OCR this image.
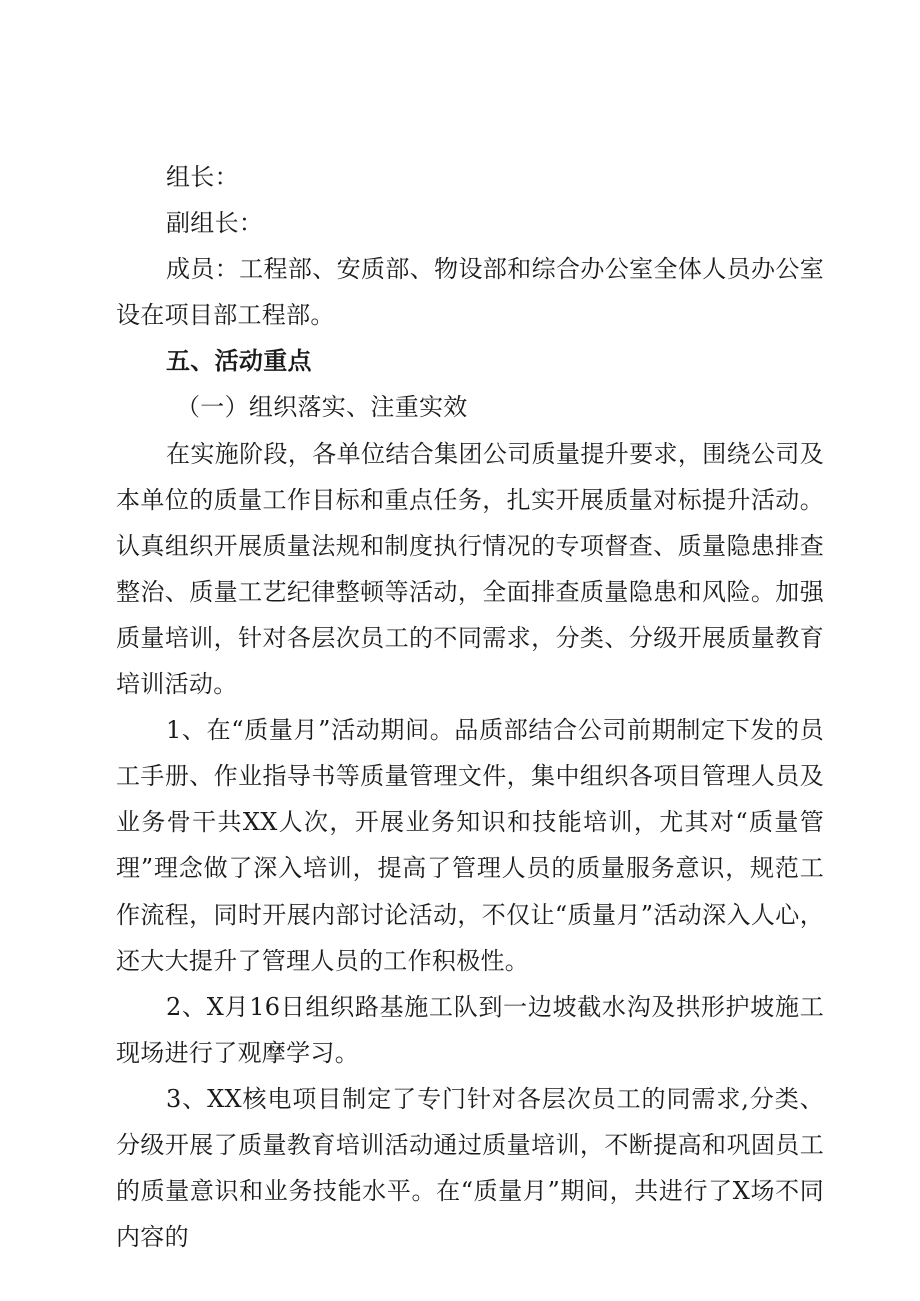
组长：

副组长：

成员：工程部、安质部、物设部和综合办公室全体人员办公室设在项目部工程部。

五、活动重点

（一）组织落实、注重实效

在实施阶段，各单位结合集团公司质量提升要求，围绕公司及本单位的质量工作目标和重点任务，扎实开展质量对标提升活动。认真组织开展质量法规和制度执行情况的专项督查、质量隐患排查整治、质量工艺纪律整顿等活动，全面排查质量隐患和风险。加强质量培训，针对各层次员工的不同需求，分类、分级开展质量教育培训活动。

1、在“质量月”活动期间。品质部结合公司前期制定下发的员工手册、作业指导书等质量管理文件，集中组织各项目管理人员及业务骨干共XX人次，开展业务知识和技能培训，尤其对“质量管理”理念做了深入培训，提高了管理人员的质量服务意识，规范工作流程，同时开展内部讨论活动，不仅让“质量月”活动深入人心，还大大提升了管理人员的工作积极性。

2、X月16日组织路基施工队到一边坡截水沟及拱形护坡施工现场进行了观摩学习。

3、XX核电项目制定了专门针对各层次员工的同需求,分类、分级开展了质量教育培训活动通过质量培训，不断提高和巩固员工的质量意识和业务技能水平。在“质量月”期间，共进行了X场不同内容的
